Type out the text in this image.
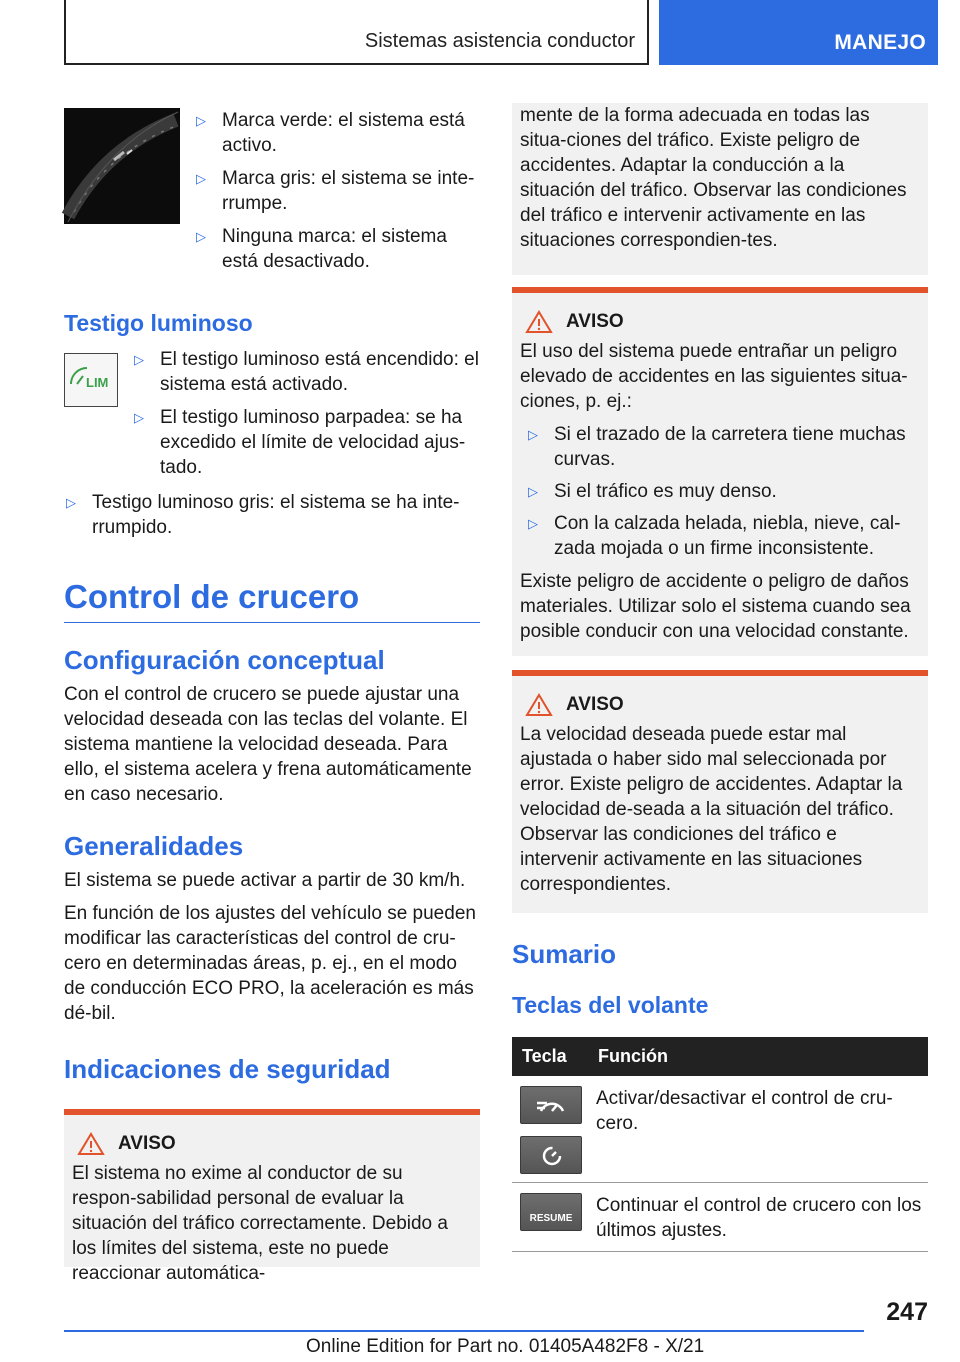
Sistemas asistencia conductor	MANEJO
▷ Marca verde: el sistema está activo.
▷ Marca gris: el sistema se inte-rrumpe.
▷ Ninguna marca: el sistema está desactivado.
Testigo luminoso
LIM
▷ El testigo luminoso está encendido: el sistema está activado.
▷ El testigo luminoso parpadea: se ha excedido el límite de velocidad ajus-tado.
▷ Testigo luminoso gris: el sistema se ha inte-rrumpido.
Control de crucero
Configuración conceptual
Con el control de crucero se puede ajustar una velocidad deseada con las teclas del volante. El sistema mantiene la velocidad deseada. Para ello, el sistema acelera y frena automáticamente en caso necesario.
Generalidades
El sistema se puede activar a partir de 30 km/h.
En función de los ajustes del vehículo se pueden modificar las características del control de cru-cero en determinadas áreas, p. ej., en el modo de conducción ECO PRO, la aceleración es más dé-bil.
Indicaciones de seguridad
AVISO
El sistema no exime al conductor de su respon-sabilidad personal de evaluar la situación del tráfico correctamente. Debido a los límites del sistema, este no puede reaccionar automática-
mente de la forma adecuada en todas las situa-ciones del tráfico. Existe peligro de accidentes. Adaptar la conducción a la situación del tráfico. Observar las condiciones del tráfico e intervenir activamente en las situaciones correspondien-tes.
AVISO
El uso del sistema puede entrañar un peligro elevado de accidentes en las siguientes situa-ciones, p. ej.:
▷ Si el trazado de la carretera tiene muchas curvas.
▷ Si el tráfico es muy denso.
▷ Con la calzada helada, niebla, nieve, cal-zada mojada o un firme inconsistente.
Existe peligro de accidente o peligro de daños materiales. Utilizar solo el sistema cuando sea posible conducir con una velocidad constante.
AVISO
La velocidad deseada puede estar mal ajustada o haber sido mal seleccionada por error. Existe peligro de accidentes. Adaptar la velocidad de-seada a la situación del tráfico. Observar las condiciones del tráfico e intervenir activamente en las situaciones correspondientes.
Sumario
Teclas del volante
Tecla	Función

	Activar/desactivar el control de cru-cero.

RESUME	Continuar el control de crucero con los últimos ajustes.
247
Online Edition for Part no. 01405A482F8 - X/21
